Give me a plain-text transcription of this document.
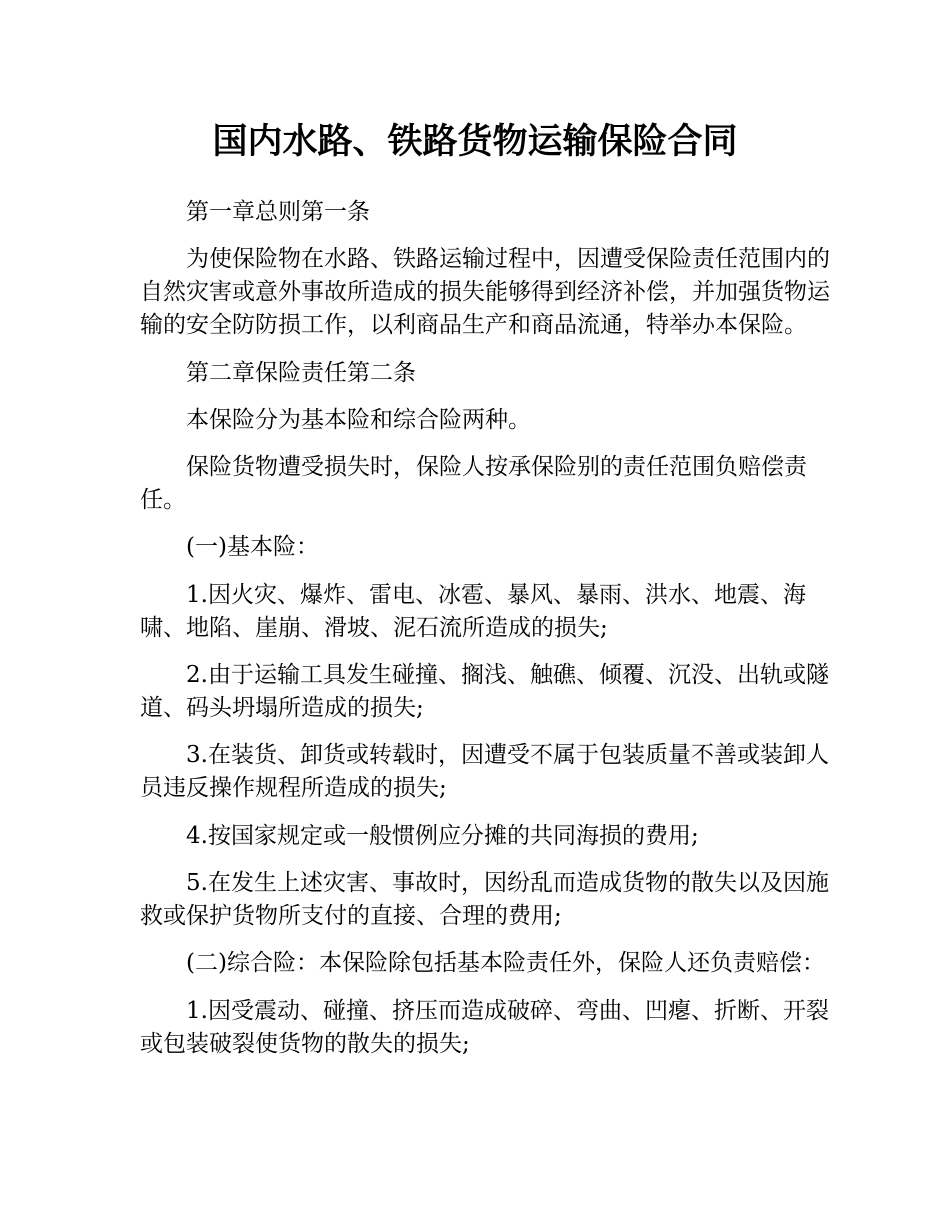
国内水路、铁路货物运输保险合同

第一章总则第一条

为使保险物在水路、铁路运输过程中，因遭受保险责任范围内的自然灾害或意外事故所造成的损失能够得到经济补偿，并加强货物运输的安全防防损工作，以利商品生产和商品流通，特举办本保险。

第二章保险责任第二条

本保险分为基本险和综合险两种。

保险货物遭受损失时，保险人按承保险别的责任范围负赔偿责任。

(一)基本险：

1.因火灾、爆炸、雷电、冰雹、暴风、暴雨、洪水、地震、海啸、地陷、崖崩、滑坡、泥石流所造成的损失;

2.由于运输工具发生碰撞、搁浅、触礁、倾覆、沉没、出轨或隧道、码头坍塌所造成的损失;

3.在装货、卸货或转载时，因遭受不属于包装质量不善或装卸人员违反操作规程所造成的损失;

4.按国家规定或一般惯例应分摊的共同海损的费用;

5.在发生上述灾害、事故时，因纷乱而造成货物的散失以及因施救或保护货物所支付的直接、合理的费用;

(二)综合险：本保险除包括基本险责任外，保险人还负责赔偿：

1.因受震动、碰撞、挤压而造成破碎、弯曲、凹瘪、折断、开裂或包装破裂使货物的散失的损失;
